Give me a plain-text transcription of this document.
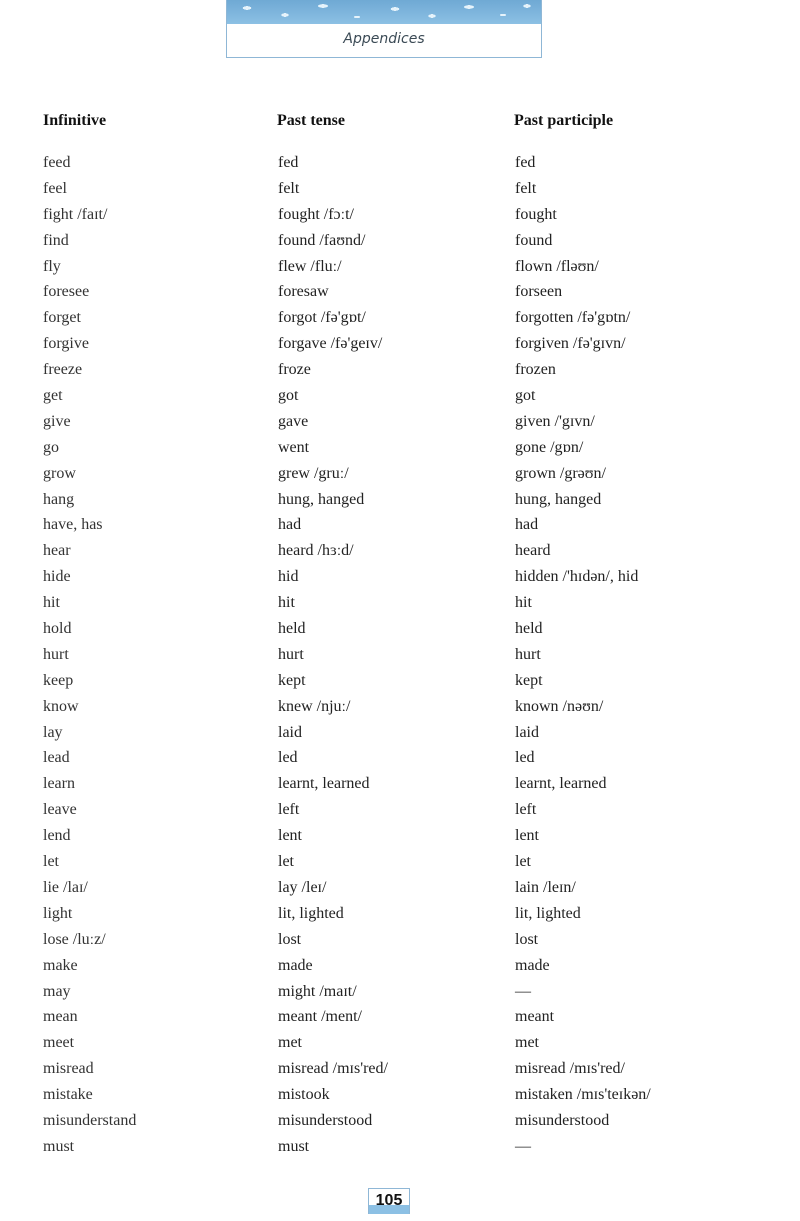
Appendices
Infinitive	Past tense	Past participle
feed	fed	fed
feel	felt	felt
fight /faɪt/	fought /fɔːt/	fought
find	found /faʊnd/	found
fly	flew /fluː/	flown /fləʊn/
foresee	foresaw	forseen
forget	forgot /fə'gɒt/	forgotten /fə'gɒtn/
forgive	forgave /fə'geɪv/	forgiven /fə'gɪvn/
freeze	froze	frozen
get	got	got
give	gave	given /'gɪvn/
go	went	gone /gɒn/
grow	grew /gruː/	grown /grəʊn/
hang	hung, hanged	hung, hanged
have, has	had	had
hear	heard /hɜːd/	heard
hide	hid	hidden /'hɪdən/, hid
hit	hit	hit
hold	held	held
hurt	hurt	hurt
keep	kept	kept
know	knew /njuː/	known /nəʊn/
lay	laid	laid
lead	led	led
learn	learnt, learned	learnt, learned
leave	left	left
lend	lent	lent
let	let	let
lie /laɪ/	lay /leɪ/	lain /leɪn/
light	lit, lighted	lit, lighted
lose /luːz/	lost	lost
make	made	made
may	might /maɪt/	—
mean	meant /ment/	meant
meet	met	met
misread	misread /mɪs'red/	misread /mɪs'red/
mistake	mistook	mistaken /mɪs'teɪkən/
misunderstand	misunderstood	misunderstood
must	must	—
105
